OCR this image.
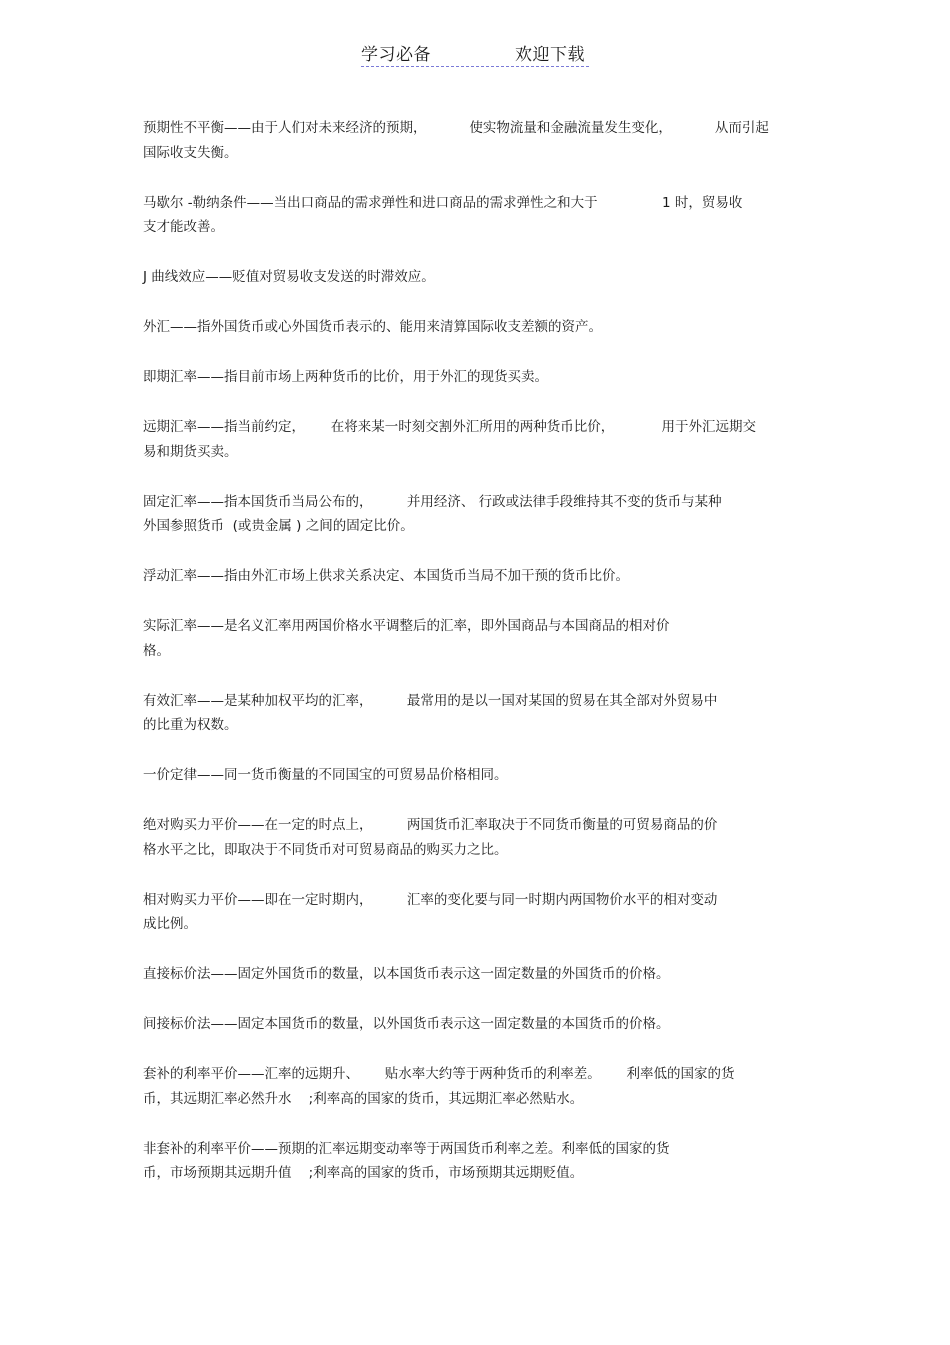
学习必备	欢迎下载

预期性不平衡——由于人们对未来经济的预期，          使实物流量和金融流量发生变化，          从而引起
国际收支失衡。

马歇尔 -勒纳条件——当出口商品的需求弹性和进口商品的需求弹性之和大于               1 时，贸易收
支才能改善。

J 曲线效应——贬值对贸易收支发送的时滞效应。

外汇——指外国货币或心外国货币表示的、能用来清算国际收支差额的资产。

即期汇率——指目前市场上两种货币的比价，用于外汇的现货买卖。

远期汇率——指当前约定，      在将来某一时刻交割外汇所用的两种货币比价，           用于外汇远期交
易和期货买卖。

固定汇率——指本国货币当局公布的，        并用经济、 行政或法律手段维持其不变的货币与某种
外国参照货币  (或贵金属 ) 之间的固定比价。

浮动汇率——指由外汇市场上供求关系决定、本国货币当局不加干预的货币比价。

实际汇率——是名义汇率用两国价格水平调整后的汇率，即外国商品与本国商品的相对价
格。

有效汇率——是某种加权平均的汇率，        最常用的是以一国对某国的贸易在其全部对外贸易中
的比重为权数。

一价定律——同一货币衡量的不同国宝的可贸易品价格相同。

绝对购买力平价——在一定的时点上，        两国货币汇率取决于不同货币衡量的可贸易商品的价
格水平之比，即取决于不同货币对可贸易商品的购买力之比。

相对购买力平价——即在一定时期内，        汇率的变化要与同一时期内两国物价水平的相对变动
成比例。

直接标价法——固定外国货币的数量，以本国货币表示这一固定数量的外国货币的价格。

间接标价法——固定本国货币的数量，以外国货币表示这一固定数量的本国货币的价格。

套补的利率平价——汇率的远期升、      贴水率大约等于两种货币的利率差。      利率低的国家的货
币，其远期汇率必然升水    ;利率高的国家的货币，其远期汇率必然贴水。

非套补的利率平价——预期的汇率远期变动率等于两国货币利率之差。利率低的国家的货
币，市场预期其远期升值    ;利率高的国家的货币，市场预期其远期贬值。
